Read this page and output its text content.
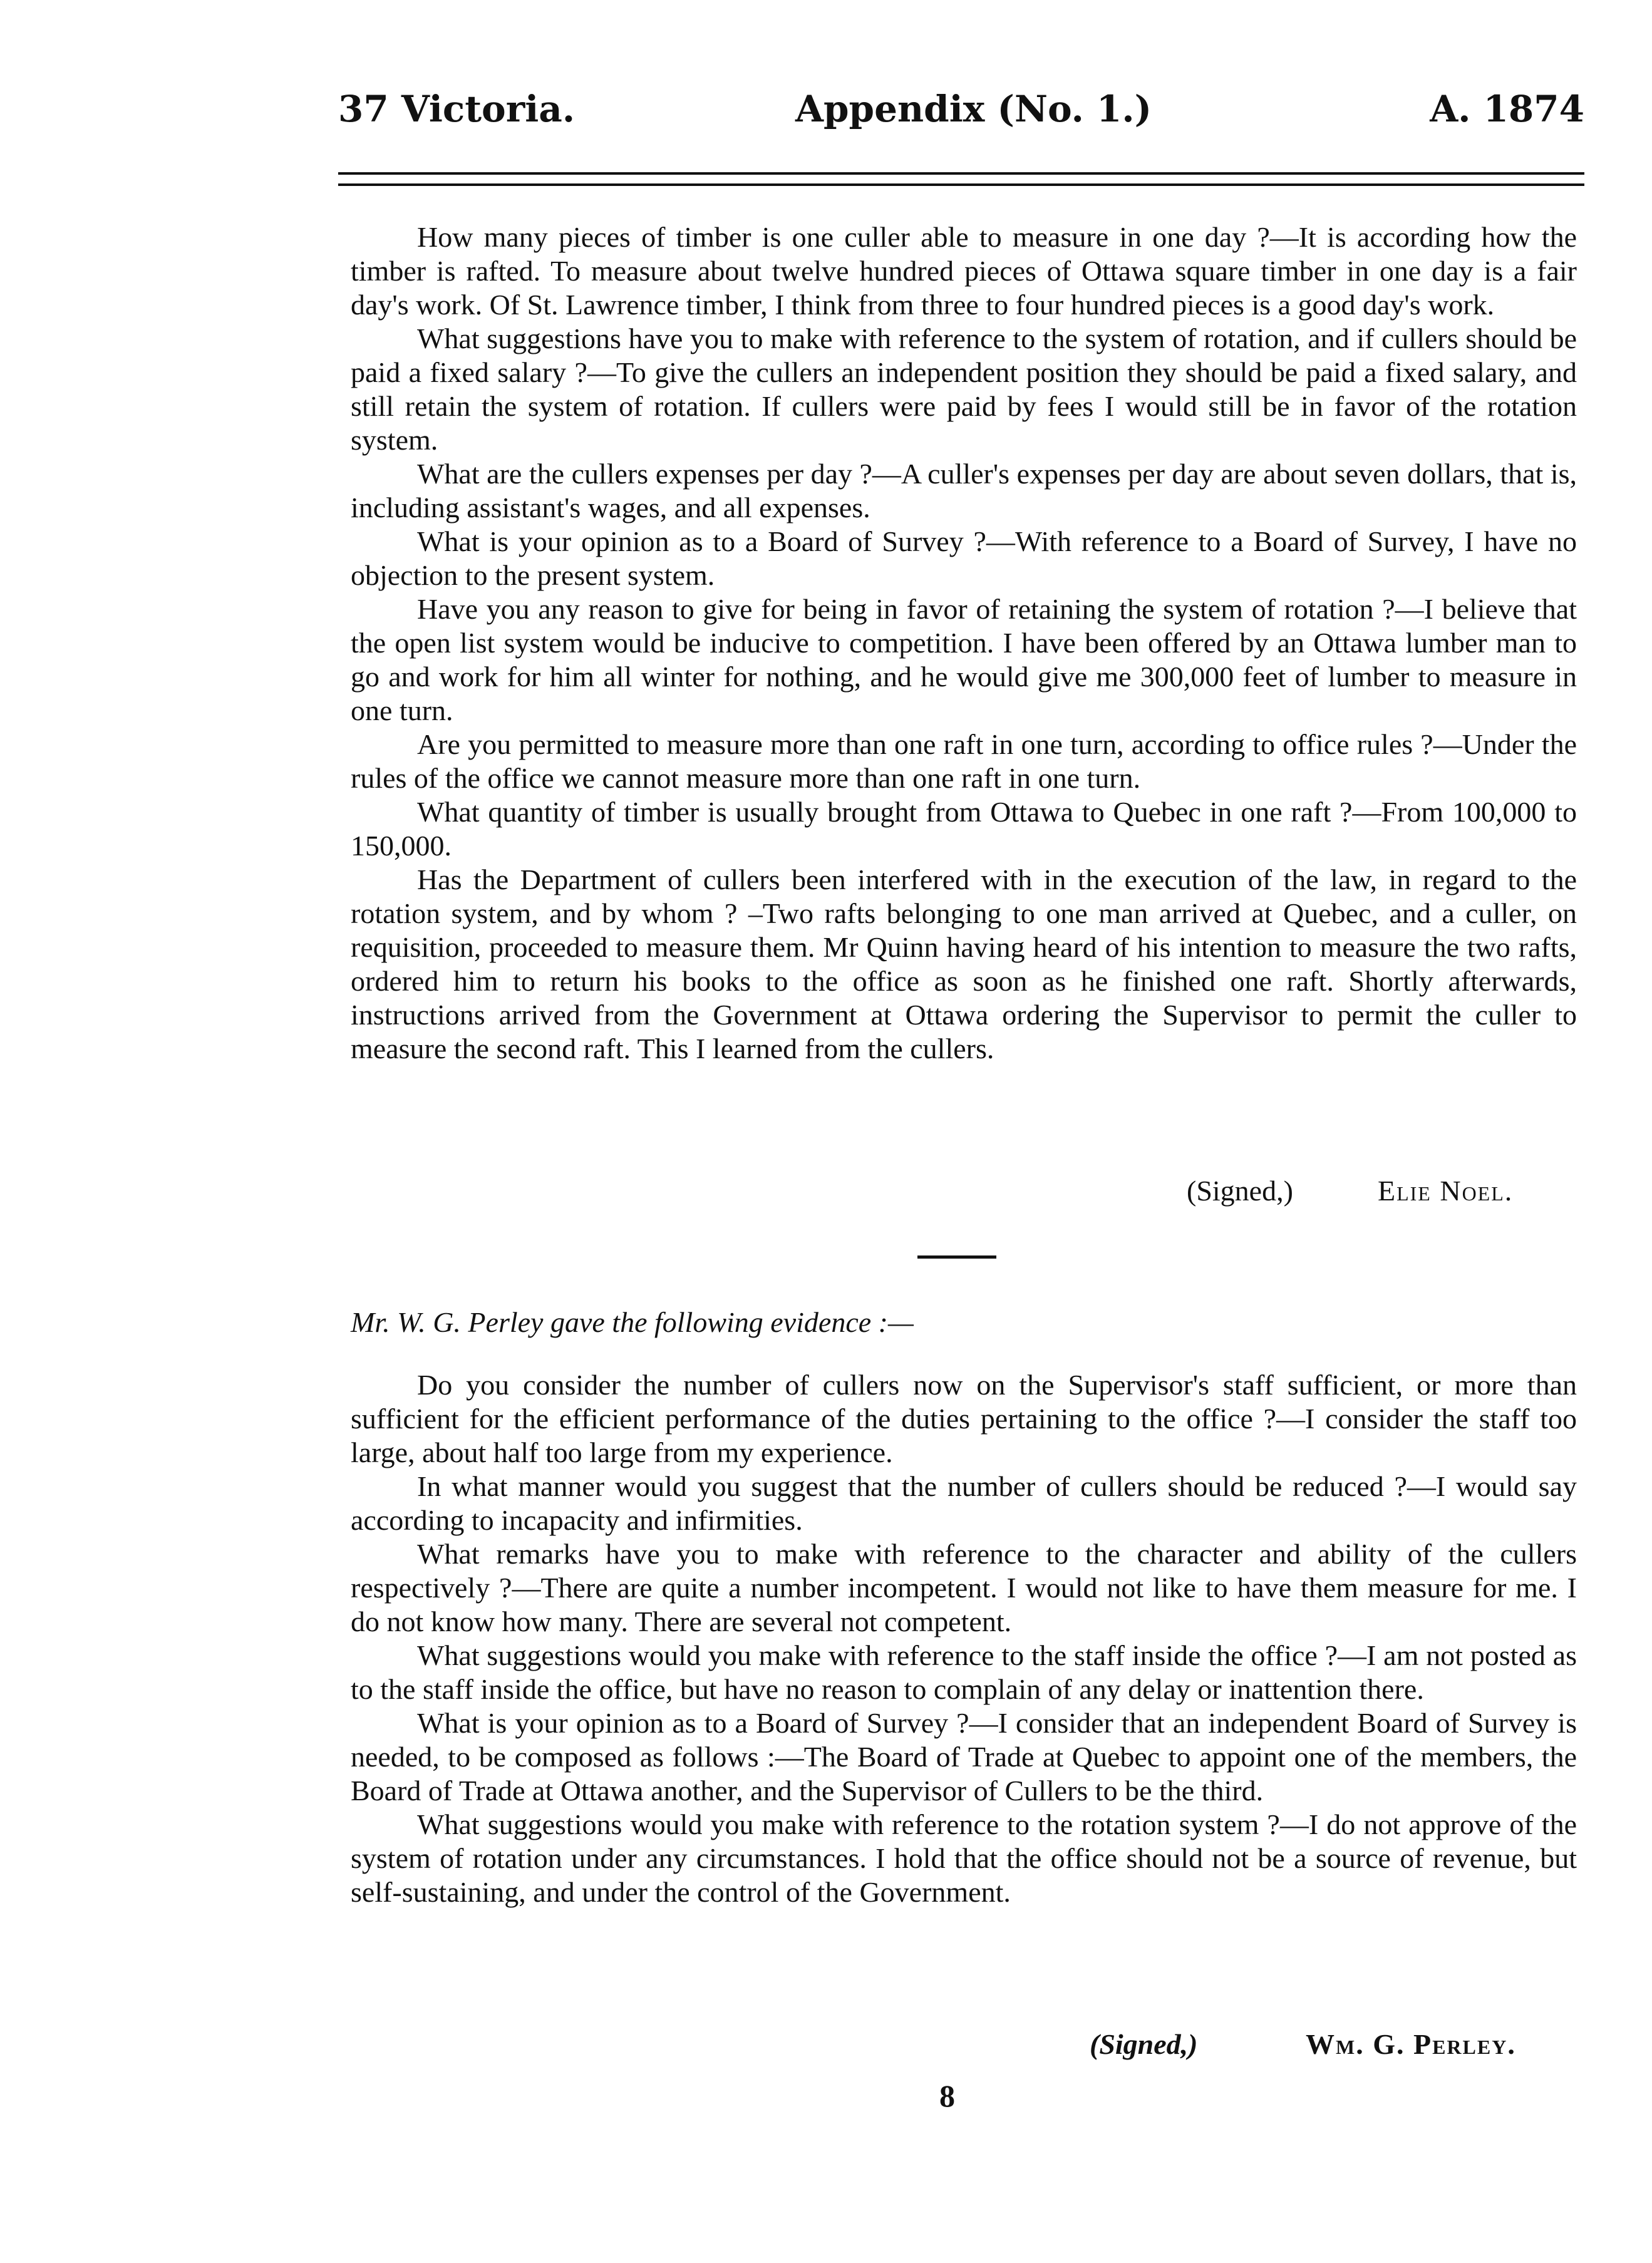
37 Victoria.	Appendix (No. 1.)	A. 1874

How many pieces of timber is one culler able to measure in one day ?—It is according how the timber is rafted. To measure about twelve hundred pieces of Ottawa square timber in one day is a fair day's work. Of St. Lawrence timber, I think from three to four hundred pieces is a good day's work.

What suggestions have you to make with reference to the system of rotation, and if cullers should be paid a fixed salary ?—To give the cullers an independent position they should be paid a fixed salary, and still retain the system of rotation. If cullers were paid by fees I would still be in favor of the rotation system.

What are the cullers expenses per day ?—A culler's expenses per day are about seven dollars, that is, including assistant's wages, and all expenses.

What is your opinion as to a Board of Survey ?—With reference to a Board of Survey, I have no objection to the present system.

Have you any reason to give for being in favor of retaining the system of rotation ?—I believe that the open list system would be inducive to competition. I have been offered by an Ottawa lumber man to go and work for him all winter for nothing, and he would give me 300,000 feet of lumber to measure in one turn.

Are you permitted to measure more than one raft in one turn, according to office rules ?—Under the rules of the office we cannot measure more than one raft in one turn.

What quantity of timber is usually brought from Ottawa to Quebec in one raft ?—From 100,000 to 150,000.

Has the Department of cullers been interfered with in the execution of the law, in regard to the rotation system, and by whom ? –Two rafts belonging to one man arrived at Quebec, and a culler, on requisition, proceeded to measure them. Mr Quinn having heard of his intention to measure the two rafts, ordered him to return his books to the office as soon as he finished one raft. Shortly afterwards, instructions arrived from the Government at Ottawa ordering the Supervisor to permit the culler to measure the second raft. This I learned from the cullers.

(Signed,)	Elie Noel.
Mr. W. G. Perley gave the following evidence :—

Do you consider the number of cullers now on the Supervisor's staff sufficient, or more than sufficient for the efficient performance of the duties pertaining to the office ?—I consider the staff too large, about half too large from my experience.

In what manner would you suggest that the number of cullers should be reduced ?—I would say according to incapacity and infirmities.

What remarks have you to make with reference to the character and ability of the cullers respectively ?—There are quite a number incompetent. I would not like to have them measure for me. I do not know how many. There are several not competent.

What suggestions would you make with reference to the staff inside the office ?—I am not posted as to the staff inside the office, but have no reason to complain of any delay or inattention there.

What is your opinion as to a Board of Survey ?—I consider that an independent Board of Survey is needed, to be composed as follows :—The Board of Trade at Quebec to appoint one of the members, the Board of Trade at Ottawa another, and the Supervisor of Cullers to be the third.

What suggestions would you make with reference to the rotation system ?—I do not approve of the system of rotation under any circumstances. I hold that the office should not be a source of revenue, but self-sustaining, and under the control of the Government.

(Signed,)	Wm. G. Perley.
8
